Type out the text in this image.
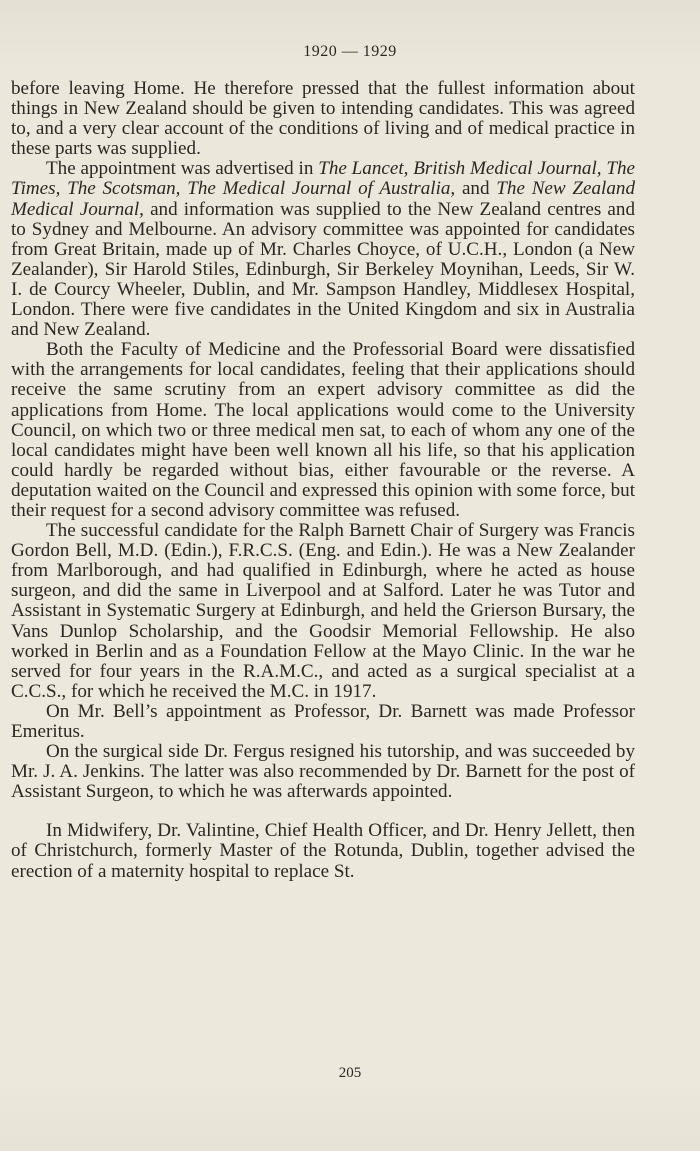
1920 — 1929

before leaving Home. He therefore pressed that the fullest information about things in New Zealand should be given to intending candidates. This was agreed to, and a very clear account of the conditions of living and of medical practice in these parts was supplied.

The appointment was advertised in The Lancet, British Medical Journal, The Times, The Scotsman, The Medical Journal of Australia, and The New Zealand Medical Journal, and information was supplied to the New Zealand centres and to Sydney and Melbourne. An advisory committee was appointed for candidates from Great Britain, made up of Mr. Charles Choyce, of U.C.H., London (a New Zealander), Sir Harold Stiles, Edinburgh, Sir Berkeley Moynihan, Leeds, Sir W. I. de Courcy Wheeler, Dublin, and Mr. Sampson Handley, Middlesex Hospital, London. There were five candidates in the United Kingdom and six in Australia and New Zealand.

Both the Faculty of Medicine and the Professorial Board were dissatisfied with the arrangements for local candidates, feeling that their applications should receive the same scrutiny from an expert advisory committee as did the applications from Home. The local applications would come to the University Council, on which two or three medical men sat, to each of whom any one of the local candidates might have been well known all his life, so that his application could hardly be regarded without bias, either favourable or the reverse. A deputation waited on the Council and expressed this opinion with some force, but their request for a second advisory committee was refused.

The successful candidate for the Ralph Barnett Chair of Surgery was Francis Gordon Bell, M.D. (Edin.), F.R.C.S. (Eng. and Edin.). He was a New Zealander from Marlborough, and had qualified in Edinburgh, where he acted as house surgeon, and did the same in Liverpool and at Salford. Later he was Tutor and Assistant in Systematic Surgery at Edinburgh, and held the Grierson Bursary, the Vans Dunlop Scholarship, and the Goodsir Memorial Fellowship. He also worked in Berlin and as a Foundation Fellow at the Mayo Clinic. In the war he served for four years in the R.A.M.C., and acted as a surgical specialist at a C.C.S., for which he received the M.C. in 1917.

On Mr. Bell’s appointment as Professor, Dr. Barnett was made Professor Emeritus.

On the surgical side Dr. Fergus resigned his tutorship, and was succeeded by Mr. J. A. Jenkins. The latter was also recommended by Dr. Barnett for the post of Assistant Surgeon, to which he was afterwards appointed.

In Midwifery, Dr. Valintine, Chief Health Officer, and Dr. Henry Jellett, then of Christchurch, formerly Master of the Rotunda, Dublin, together advised the erection of a maternity hospital to replace St.

205
